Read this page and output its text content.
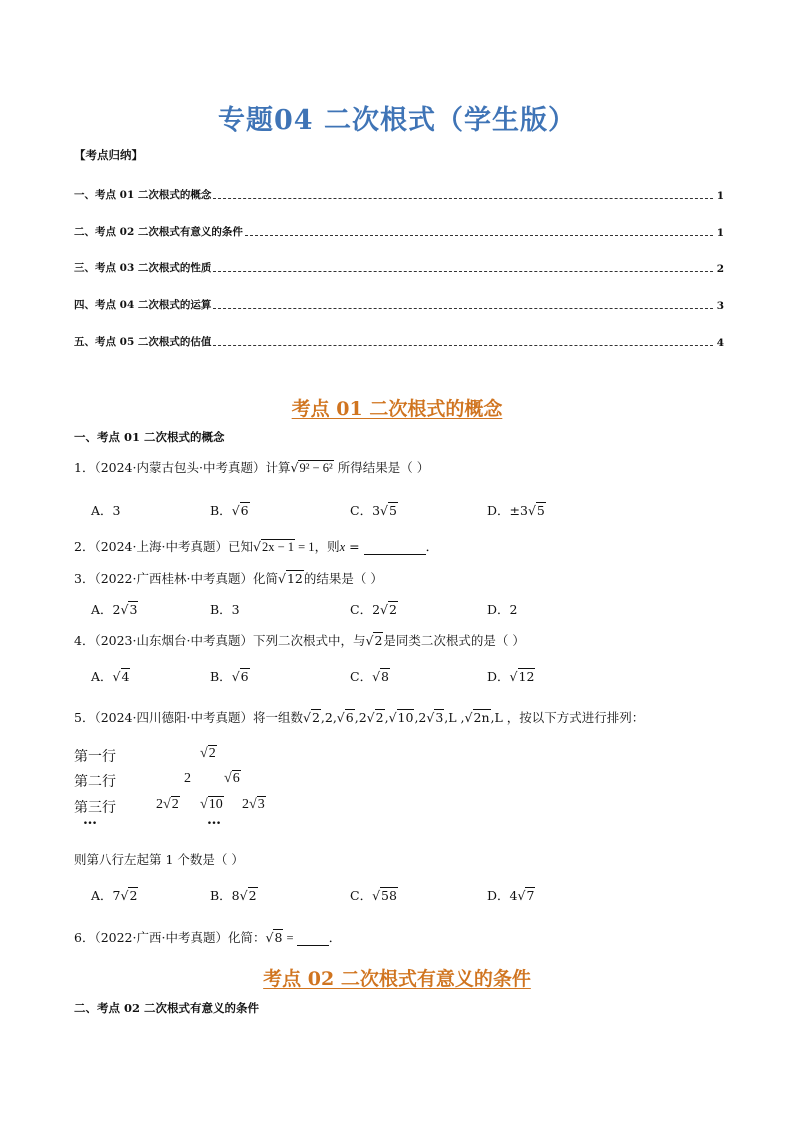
专题04 二次根式（学生版）
【考点归纳】
一、考点 01 二次根式的概念	1
二、考点 02 二次根式有意义的条件	1
三、考点 03 二次根式的性质	2
四、考点 04 二次根式的运算	3
五、考点 05 二次根式的估值	4
考点 01 二次根式的概念
一、考点 01 二次根式的概念
1．（2024·内蒙古包头·中考真题）计算√9² − 6² 所得结果是（ ）
A．3	B．√6	C．3√5	D．±3√5
2．（2024·上海·中考真题）已知√2x − 1 = 1，则x =	．
3．（2022·广西桂林·中考真题）化简√12的结果是（ ）
A．2√3	B．3	C．2√2	D．2
4．（2023·山东烟台·中考真题）下列二次根式中，与√2是同类二次根式的是（ ）
A．√4	B．√6	C．√8	D．√12
5．（2024·四川德阳·中考真题）将一组数√2,2,√6,2√2,√10,2√3,L ,√2n,L ，按以下方式进行排列：
第一行	√2
第二行	2 √6
第三行	2√2 √10 2√3
…	…
则第八行左起第 1 个数是（ ）
A．7√2	B．8√2	C．√58	D．4√7
6．（2022·广西·中考真题）化简：√8 =	．
考点 02 二次根式有意义的条件
二、考点 02 二次根式有意义的条件
